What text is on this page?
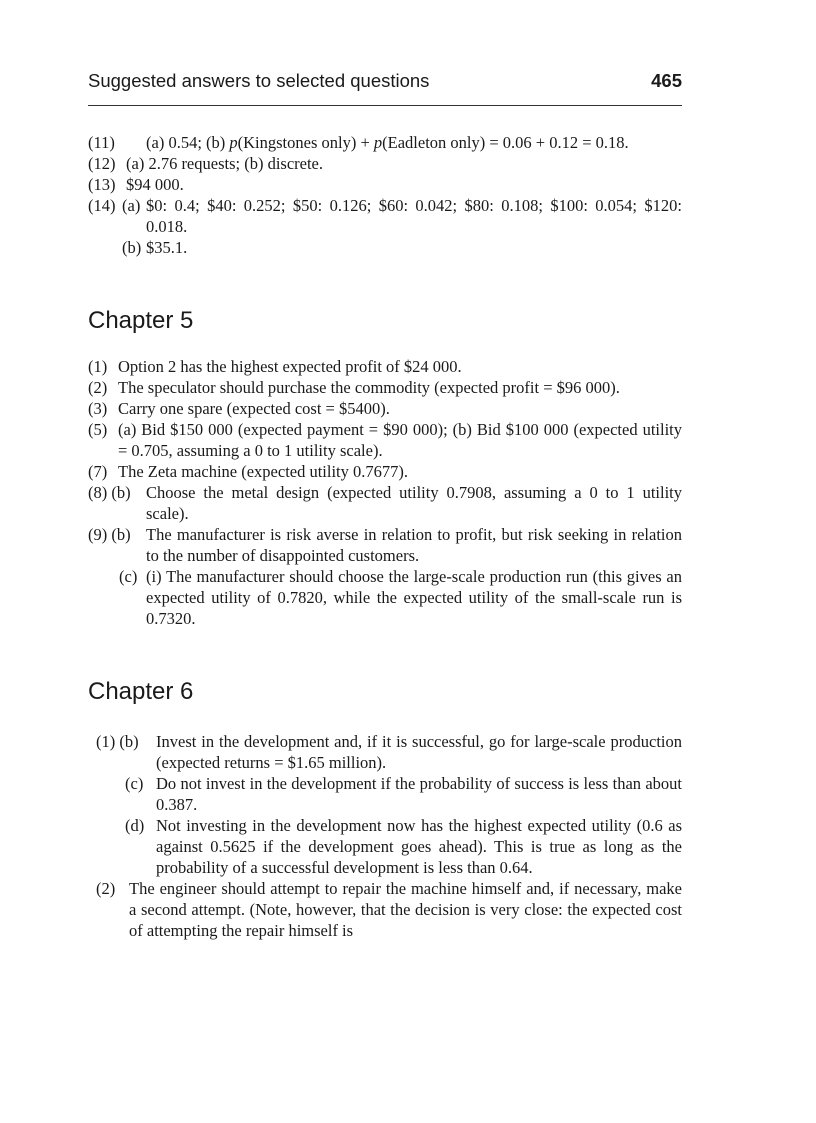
Suggested answers to selected questions	465
(11) (a) 0.54; (b) p(Kingstones only) + p(Eadleton only) = 0.06 + 0.12 = 0.18.
(12) (a) 2.76 requests; (b) discrete.
(13) $94 000.
(14) (a) $0: 0.4; $40: 0.252; $50: 0.126; $60: 0.042; $80: 0.108; $100: 0.054; $120: 0.018.
(b) $35.1.
Chapter 5
(1) Option 2 has the highest expected profit of $24 000.
(2) The speculator should purchase the commodity (expected profit = $96 000).
(3) Carry one spare (expected cost = $5400).
(5) (a) Bid $150 000 (expected payment = $90 000); (b) Bid $100 000 (expected utility = 0.705, assuming a 0 to 1 utility scale).
(7) The Zeta machine (expected utility 0.7677).
(8) (b) Choose the metal design (expected utility 0.7908, assuming a 0 to 1 utility scale).
(9) (b) The manufacturer is risk averse in relation to profit, but risk seeking in relation to the number of disappointed customers.
(c) (i) The manufacturer should choose the large-scale production run (this gives an expected utility of 0.7820, while the expected utility of the small-scale run is 0.7320.
Chapter 6
(1) (b) Invest in the development and, if it is successful, go for large-scale production (expected returns = $1.65 million).
(c) Do not invest in the development if the probability of success is less than about 0.387.
(d) Not investing in the development now has the highest expected utility (0.6 as against 0.5625 if the development goes ahead). This is true as long as the probability of a successful development is less than 0.64.
(2) The engineer should attempt to repair the machine himself and, if necessary, make a second attempt. (Note, however, that the decision is very close: the expected cost of attempting the repair himself is
